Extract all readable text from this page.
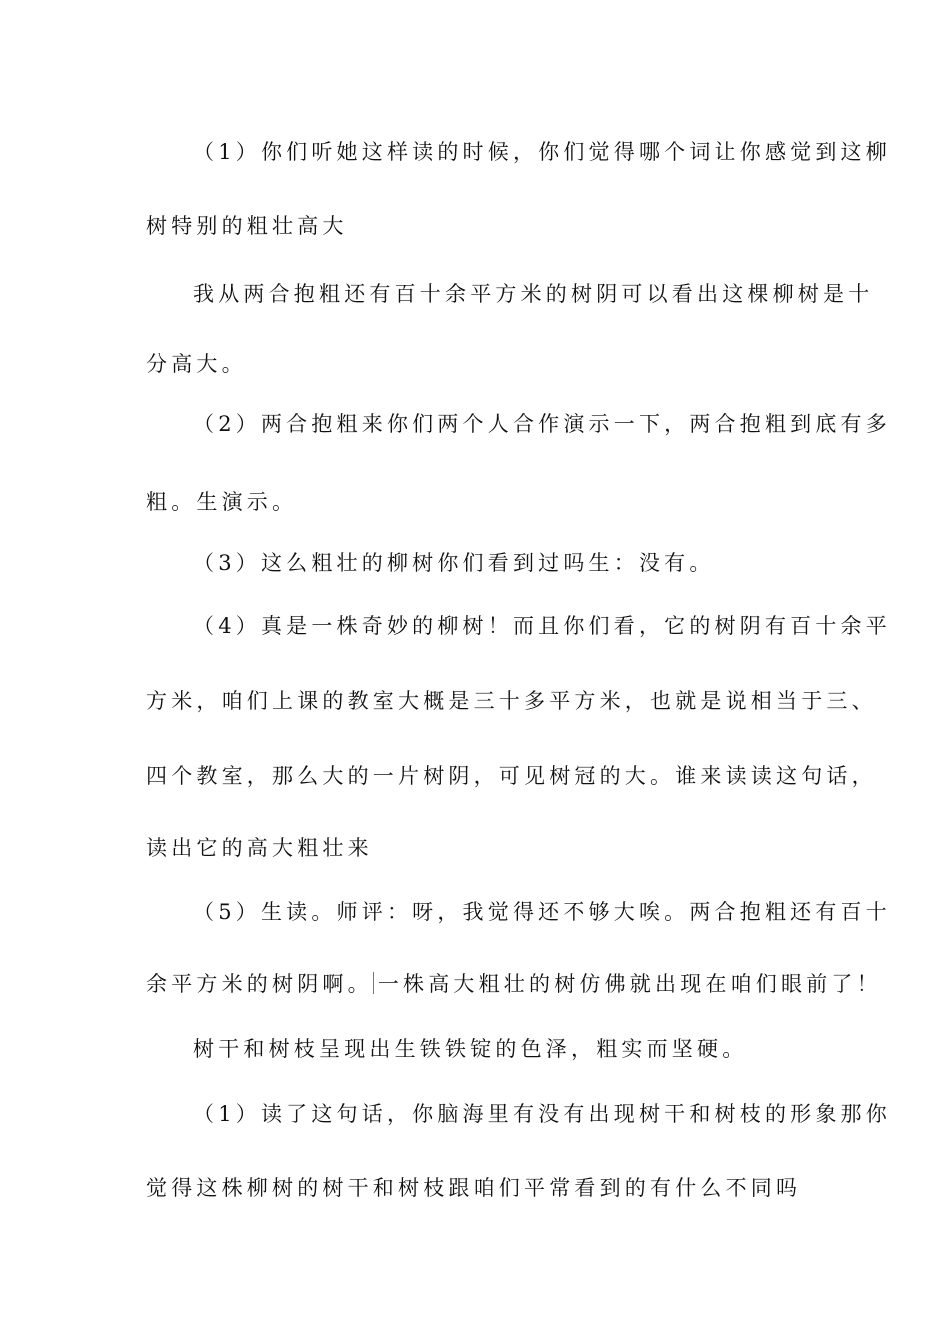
（1）你们听她这样读的时候，你们觉得哪个词让你感觉到这柳
树特别的粗壮高大
我从两合抱粗还有百十余平方米的树阴可以看出这棵柳树是十
分高大。
（2）两合抱粗来你们两个人合作演示一下，两合抱粗到底有多
粗。生演示。
（3）这么粗壮的柳树你们看到过吗生：没有。
（4）真是一株奇妙的柳树！而且你们看，它的树阴有百十余平
方米，咱们上课的教室大概是三十多平方米，也就是说相当于三、
四个教室，那么大的一片树阴，可见树冠的大。谁来读读这句话，
读出它的高大粗壮来
（5）生读。师评：呀，我觉得还不够大唉。两合抱粗还有百十
余平方米的树阴啊。 一株高大粗壮的树仿佛就出现在咱们眼前了！
树干和树枝呈现出生铁铁锭的色泽，粗实而坚硬。
（1）读了这句话，你脑海里有没有出现树干和树枝的形象那你
觉得这株柳树的树干和树枝跟咱们平常看到的有什么不同吗
